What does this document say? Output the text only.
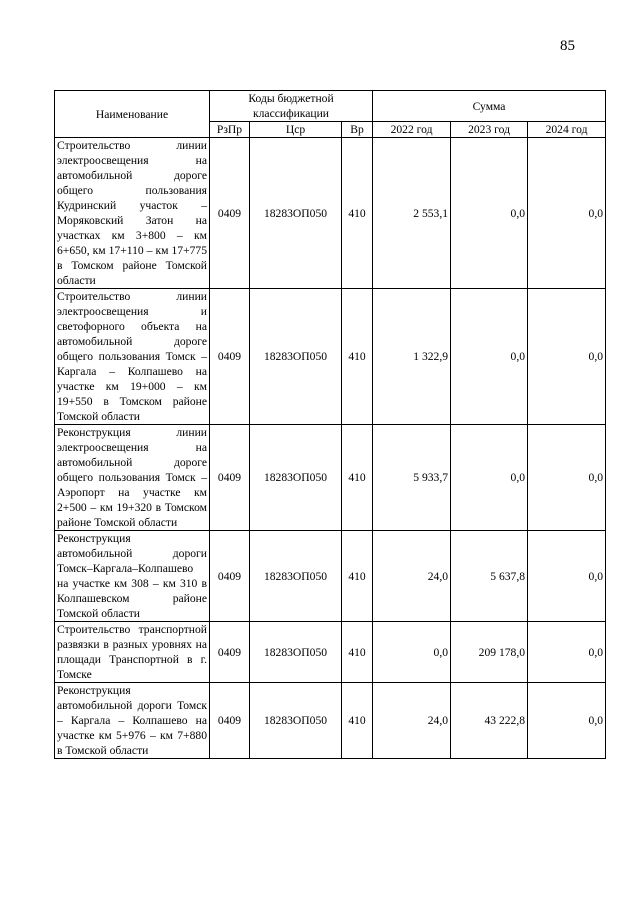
85
Наименование	Коды бюджетной классификации			Сумма		
	РзПр	Цср	Вр	2022 год	2023 год	2024 год
Строительство линии электроосвещения на автомобильной дороге общего пользования Кудринский участок – Моряковский Затон на участках км 3+800 – км 6+650, км 17+110 – км 17+775 в Томском районе Томской области	0409	18283ОП050	410	2 553,1	0,0	0,0
Строительство линии электроосвещения и светофорного объекта на автомобильной дороге общего пользования Томск – Каргала – Колпашево на участке км 19+000 – км 19+550 в Томском районе Томской области	0409	18283ОП050	410	1 322,9	0,0	0,0
Реконструкция линии электроосвещения на автомобильной дороге общего пользования Томск – Аэропорт на участке км 2+500 – км 19+320 в Томском районе Томской области	0409	18283ОП050	410	5 933,7	0,0	0,0
Реконструкция автомобильной дороги Томск–Каргала–Колпашево на участке км 308 – км 310 в Колпашевском районе Томской области	0409	18283ОП050	410	24,0	5 637,8	0,0
Строительство транспортной развязки в разных уровнях на площади Транспортной в г. Томске	0409	18283ОП050	410	0,0	209 178,0	0,0
Реконструкция автомобильной дороги Томск – Каргала – Колпашево на участке км 5+976 – км 7+880 в Томской области	0409	18283ОП050	410	24,0	43 222,8	0,0
